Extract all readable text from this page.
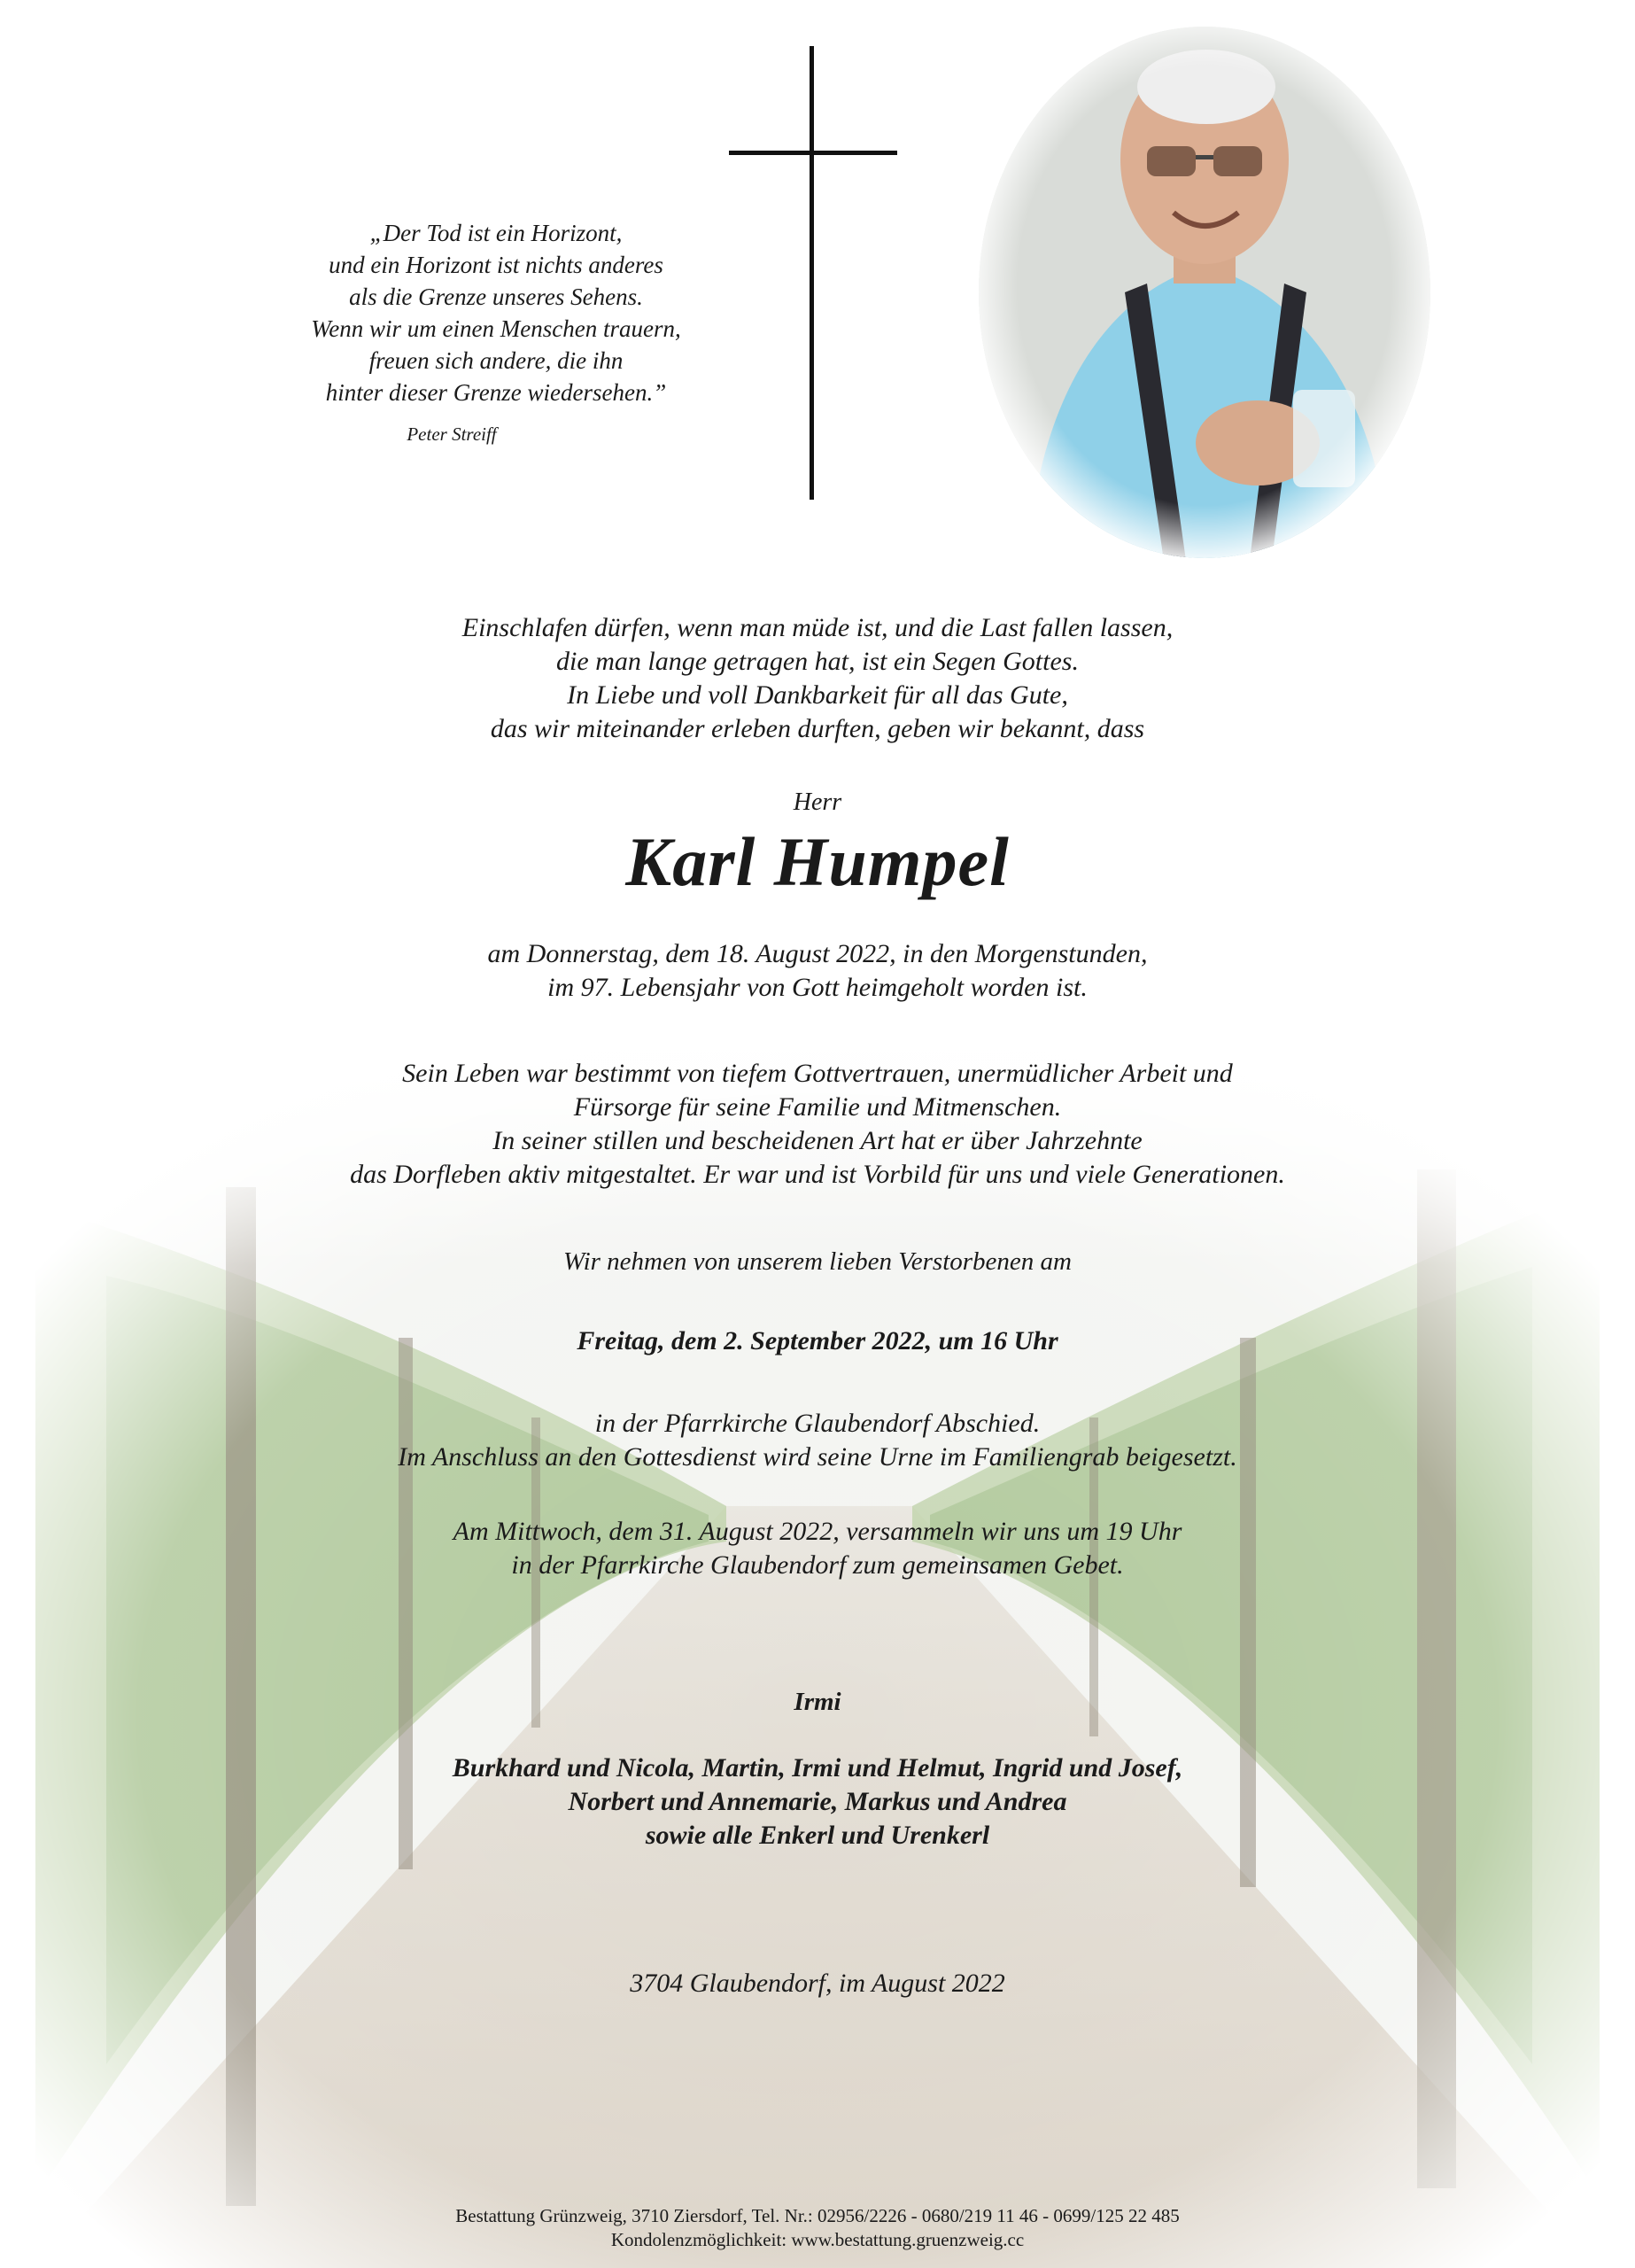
„Der Tod ist ein Horizont,
und ein Horizont ist nichts anderes
als die Grenze unseres Sehens.
Wenn wir um einen Menschen trauern,
freuen sich andere, die ihn
hinter dieser Grenze wiedersehen.”
Peter Streiff
Einschlafen dürfen, wenn man müde ist, und die Last fallen lassen,
die man lange getragen hat, ist ein Segen Gottes.
In Liebe und voll Dankbarkeit für all das Gute,
das wir miteinander erleben durften, geben wir bekannt, dass
Herr
Karl Humpel
am Donnerstag, dem 18. August 2022, in den Morgenstunden,
im 97. Lebensjahr von Gott heimgeholt worden ist.
Sein Leben war bestimmt von tiefem Gottvertrauen, unermüdlicher Arbeit und
Fürsorge für seine Familie und Mitmenschen.
In seiner stillen und bescheidenen Art hat er über Jahrzehnte
das Dorfleben aktiv mitgestaltet. Er war und ist Vorbild für uns und viele Generationen.
Wir nehmen von unserem lieben Verstorbenen am
Freitag, dem 2. September 2022, um 16 Uhr
in der Pfarrkirche Glaubendorf Abschied.
Im Anschluss an den Gottesdienst wird seine Urne im Familiengrab beigesetzt.
Am Mittwoch, dem 31. August 2022, versammeln wir uns um 19 Uhr
in der Pfarrkirche Glaubendorf zum gemeinsamen Gebet.
Irmi
Burkhard und Nicola, Martin, Irmi und Helmut, Ingrid und Josef,
Norbert und Annemarie, Markus und Andrea
sowie alle Enkerl und Urenkerl
3704 Glaubendorf, im August 2022
Bestattung Grünzweig, 3710 Ziersdorf, Tel. Nr.: 02956/2226 - 0680/219 11 46 - 0699/125 22 485
Kondolenzmöglichkeit: www.bestattung.gruenzweig.cc
